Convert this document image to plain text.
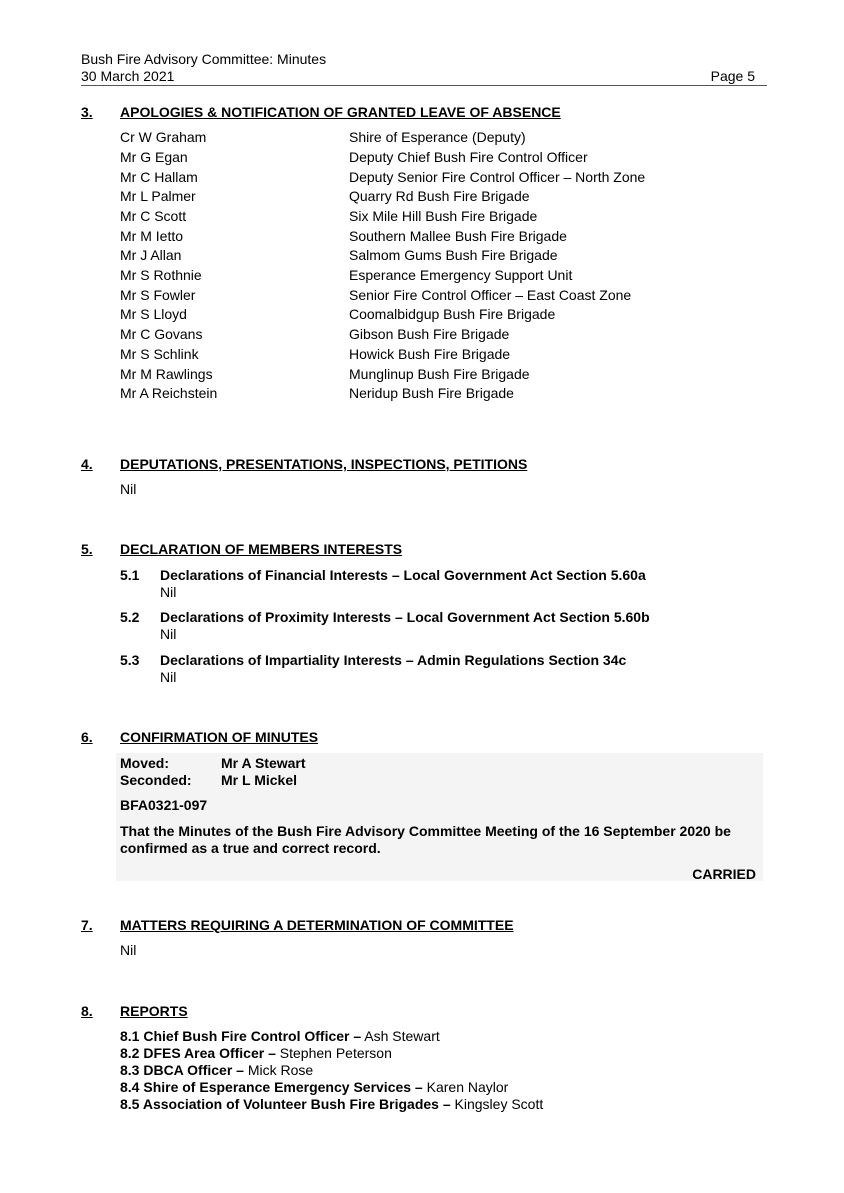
Bush Fire Advisory Committee: Minutes
30 March 2021	Page 5
3. APOLOGIES & NOTIFICATION OF GRANTED LEAVE OF ABSENCE
Cr W Graham	Shire of Esperance (Deputy)
Mr G Egan	Deputy Chief Bush Fire Control Officer
Mr C Hallam	Deputy Senior Fire Control Officer – North Zone
Mr L Palmer	Quarry Rd Bush Fire Brigade
Mr C Scott	Six Mile Hill Bush Fire Brigade
Mr M Ietto	Southern Mallee Bush Fire Brigade
Mr J Allan	Salmom Gums Bush Fire Brigade
Mr S Rothnie	Esperance Emergency Support Unit
Mr S Fowler	Senior Fire Control Officer – East Coast Zone
Mr S Lloyd	Coomalbidgup Bush Fire Brigade
Mr C Govans	Gibson Bush Fire Brigade
Mr S Schlink	Howick Bush Fire Brigade
Mr M Rawlings	Munglinup Bush Fire Brigade
Mr A Reichstein	Neridup Bush Fire Brigade
4. DEPUTATIONS, PRESENTATIONS, INSPECTIONS, PETITIONS
Nil
5. DECLARATION OF MEMBERS INTERESTS
5.1 Declarations of Financial Interests – Local Government Act Section 5.60a
Nil
5.2 Declarations of Proximity Interests – Local Government Act Section 5.60b
Nil
5.3 Declarations of Impartiality Interests – Admin Regulations Section 34c
Nil
6. CONFIRMATION OF MINUTES
Moved:	Mr A Stewart
Seconded: Mr L Mickel
BFA0321-097
That the Minutes of the Bush Fire Advisory Committee Meeting of the 16 September 2020 be confirmed as a true and correct record.
CARRIED
7. MATTERS REQUIRING A DETERMINATION OF COMMITTEE
Nil
8. REPORTS
8.1 Chief Bush Fire Control Officer – Ash Stewart
8.2 DFES Area Officer – Stephen Peterson
8.3 DBCA Officer – Mick Rose
8.4 Shire of Esperance Emergency Services – Karen Naylor
8.5 Association of Volunteer Bush Fire Brigades – Kingsley Scott
